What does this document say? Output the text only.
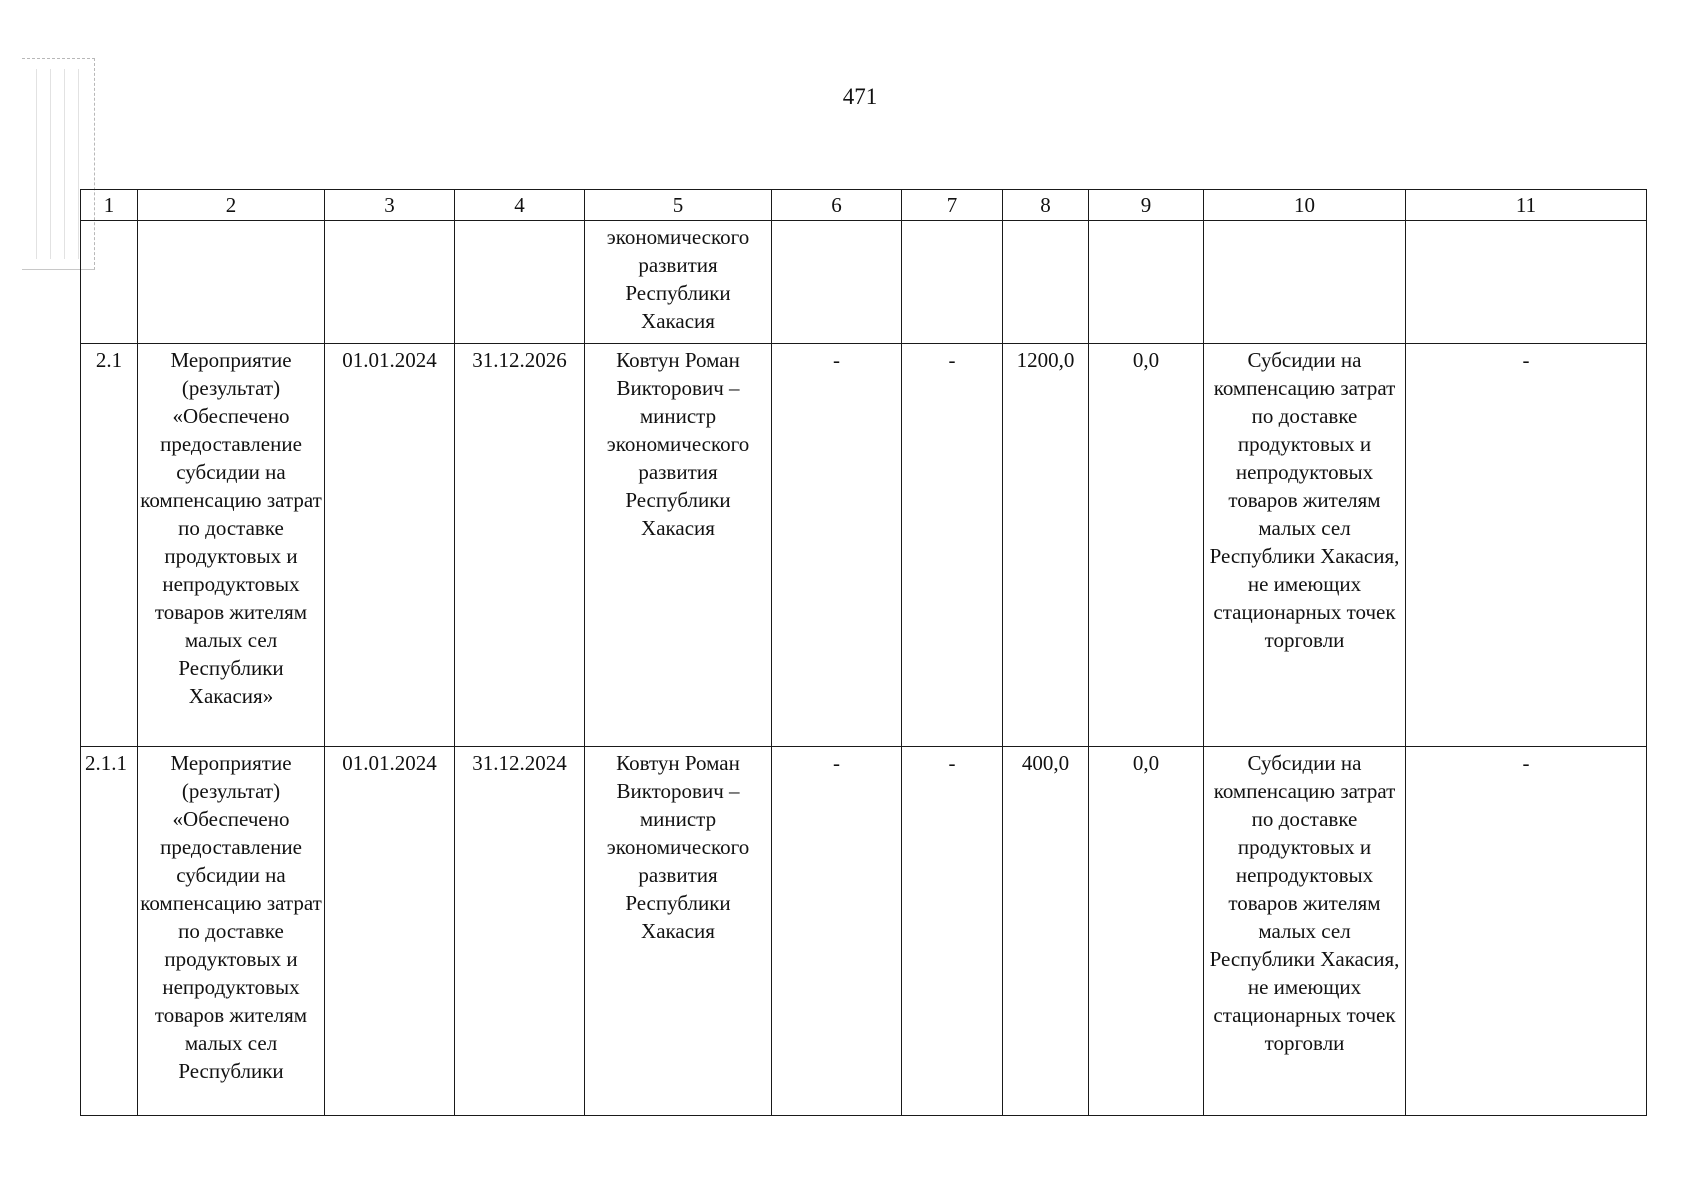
471
1	2	3	4	5	6	7	8	9	10	11
				экономического развития Республики Хакасия						
2.1	Мероприятие (результат) «Обеспечено предоставление субсидии на компенсацию затрат по доставке продуктовых и непродуктовых товаров жителям малых сел Республики Хакасия»	01.01.2024	31.12.2026	Ковтун Роман Викторович – министр экономического развития Республики Хакасия	-	-	1200,0	0,0	Субсидии на компенсацию затрат по доставке продуктовых и непродуктовых товаров жителям малых сел Республики Хакасия, не имеющих стационарных точек торговли	-
2.1.1	Мероприятие (результат) «Обеспечено предоставление субсидии на компенсацию затрат по доставке продуктовых и непродуктовых товаров жителям малых сел Республики	01.01.2024	31.12.2024	Ковтун Роман Викторович – министр экономического развития Республики Хакасия	-	-	400,0	0,0	Субсидии на компенсацию затрат по доставке продуктовых и непродуктовых товаров жителям малых сел Республики Хакасия, не имеющих стационарных точек торговли	-
